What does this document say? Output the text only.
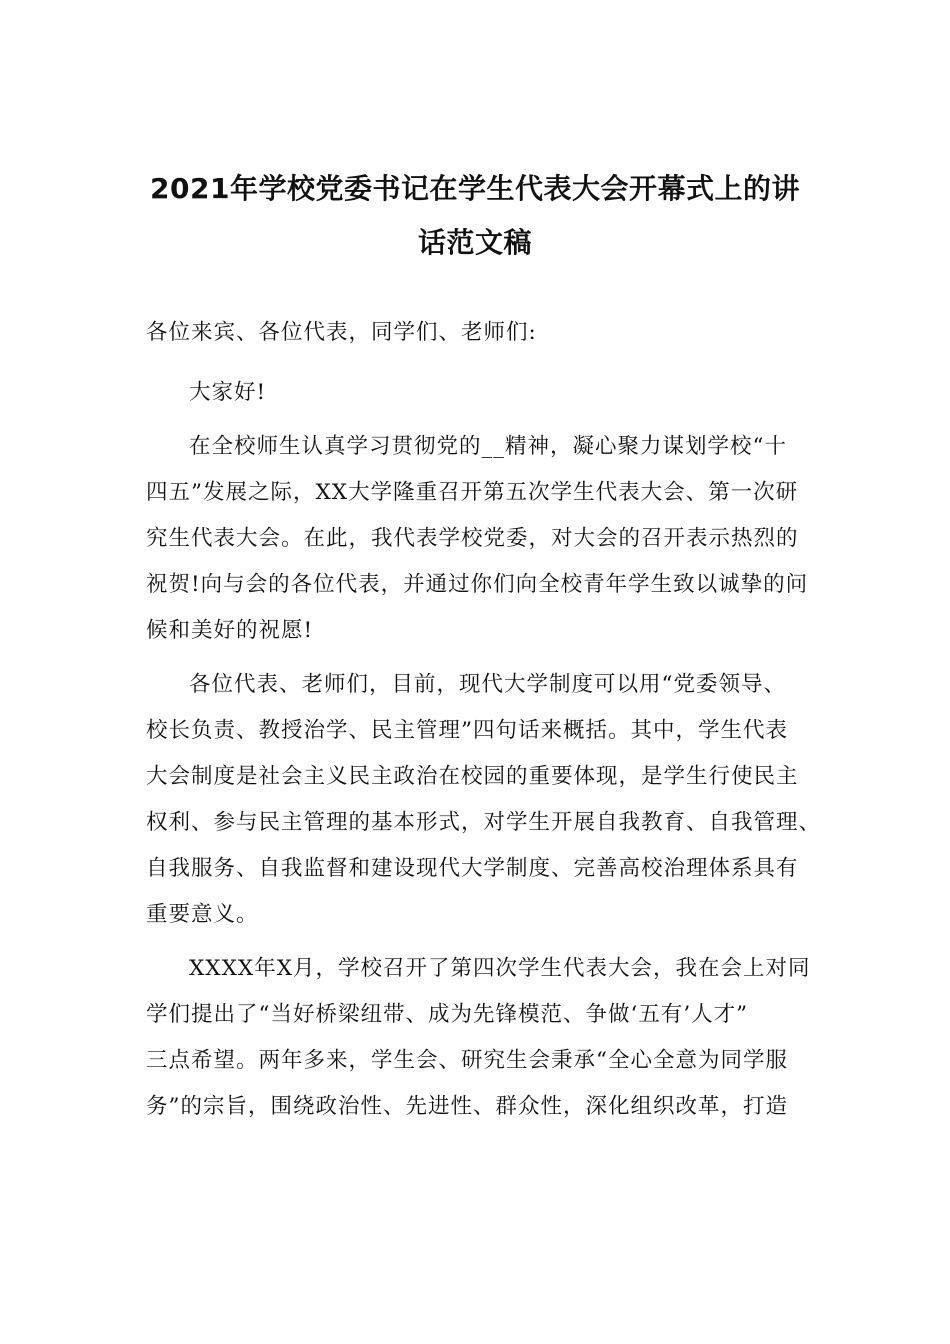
2021年学校党委书记在学生代表大会开幕式上的讲
话范文稿

各位来宾、各位代表，同学们、老师们:

大家好!

在全校师生认真学习贯彻党的__精神，凝心聚力谋划学校“十
四五”发展之际，XX大学隆重召开第五次学生代表大会、第一次研
究生代表大会。在此，我代表学校党委，对大会的召开表示热烈的
祝贺!向与会的各位代表，并通过你们向全校青年学生致以诚挚的问
候和美好的祝愿!

各位代表、老师们，目前，现代大学制度可以用“党委领导、
校长负责、教授治学、民主管理”四句话来概括。其中，学生代表
大会制度是社会主义民主政治在校园的重要体现，是学生行使民主
权利、参与民主管理的基本形式，对学生开展自我教育、自我管理、
自我服务、自我监督和建设现代大学制度、完善高校治理体系具有
重要意义。

XXXX年X月，学校召开了第四次学生代表大会，我在会上对同
学们提出了“当好桥梁纽带、成为先锋模范、争做‘五有’人才”
三点希望。两年多来，学生会、研究生会秉承“全心全意为同学服
务”的宗旨，围绕政治性、先进性、群众性，深化组织改革，打造
